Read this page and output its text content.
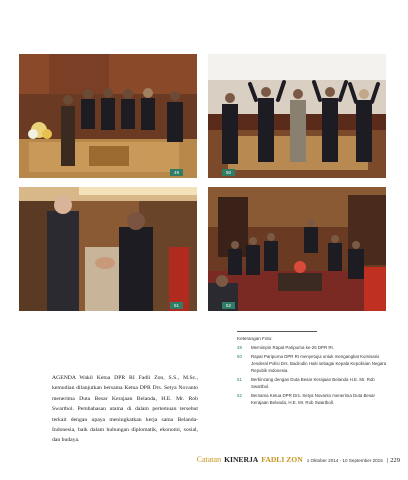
49	50
51	52
Keterangan Foto:
49	Memimpin Rapat Paripurna ke-25 DPR RI.
50	Rapat Paripurna DPR RI menyetujui untuk mengangkat Komisaris Jenderal Polisi Drs. Badrodin Haiti sebagai Kepala Kepolisian Negara Repubik Indonesia.
51	Berbincang dengan Duta Besar Kerajaan Belanda H.E. Mr. Rob Swartbol.
52	Bersama Ketua DPR Drs. Setya Novanto menerima Duta Besar Kerajaan Belanda, H.E. Mr. Rob Swartboll.

AGENDA Wakil Ketua DPR RI Fadli Zon, S.S., M.Sc., kemudian dilanjutkan bersama Ketua DPR Drs. Setya Novanto menerima Duta Besar Kerajaan Belanda, H.E. Mr. Rob Swartbol. Pembahasan utama di dalam pertemuan tersebut terkait dengan upaya meningkatkan kerja sama Belanda-Indonesia, baik dalam hubungan diplomatik, ekonomi, sosial, dan budaya.

Catatan KINERJA FADLI ZON 1 Oktober 2014 - 10 September 2015 | 229
